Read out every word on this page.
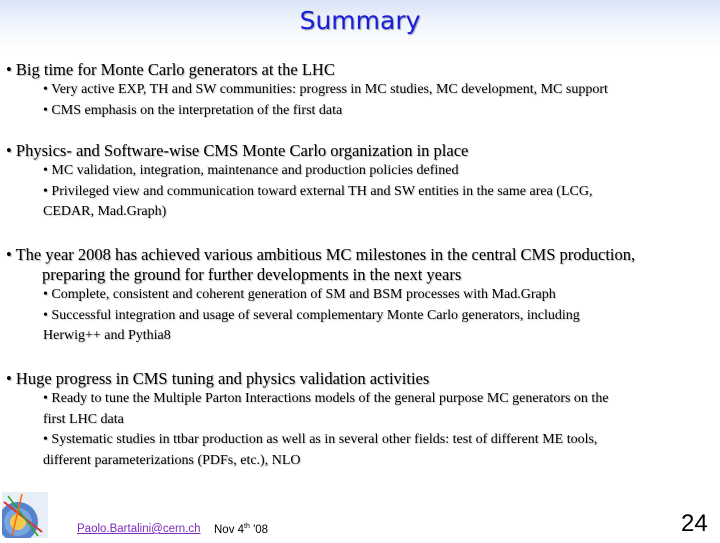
Summary
• Big time for Monte Carlo generators at the LHC
• Very active EXP, TH and SW communities: progress in MC studies, MC development, MC support
• CMS emphasis on the interpretation of the first data
• Physics- and Software-wise CMS Monte Carlo organization in place
• MC validation, integration, maintenance and production policies defined
• Privileged view and communication toward external TH and SW entities in the same area (LCG,
CEDAR, Mad.Graph)
• The year 2008 has achieved various ambitious MC milestones in the central CMS production,
preparing the ground for further developments in the next years
• Complete, consistent and coherent generation of SM and BSM processes with Mad.Graph
• Successful integration and usage of several complementary Monte Carlo generators, including
Herwig++ and Pythia8
• Huge progress in CMS tuning and physics validation activities
• Ready to tune the Multiple Parton Interactions models of the general purpose MC generators on the
first LHC data
• Systematic studies in ttbar production as well as in several other fields: test of different ME tools,
different parameterizations (PDFs, etc.), NLO
Paolo.Bartalini@cern.ch Nov 4th '08	24
